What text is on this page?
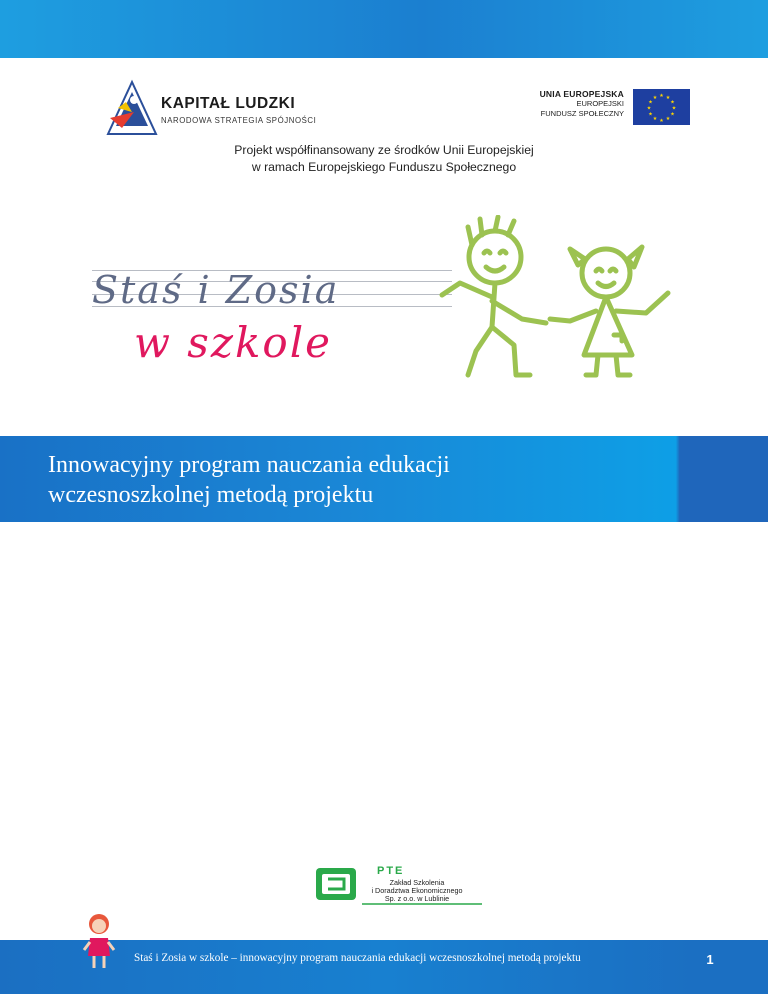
KAPITAŁ LUDZKI
NARODOWA STRATEGIA SPÓJNOŚCI
UNIA EUROPEJSKA
EUROPEJSKI
FUNDUSZ SPOŁECZNY
★ ★
★
★
★
★
★
★
★
★
★
★
Projekt współfinansowany ze środków Unii Europejskiej
w ramach Europejskiego Funduszu Społecznego
Staś i Zosia
w szkole
Innowacyjny program nauczania edukacji
wczesnoszkolnej metodą projektu
PTE
Zakład Szkolenia
i Doradztwa Ekonomicznego
Sp. z o.o. w Lublinie
Staś i Zosia w szkole – innowacyjny program nauczania edukacji wczesnoszkolnej metodą projektu	1
